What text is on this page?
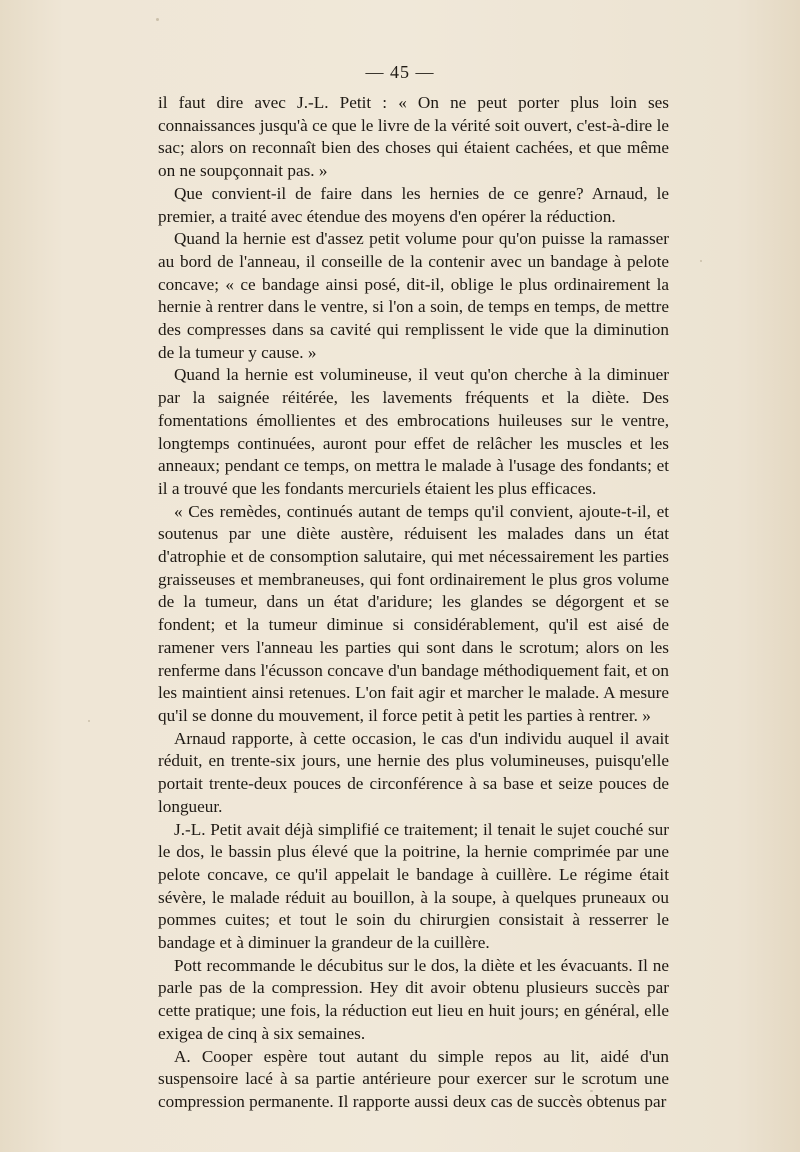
— 45 —

il faut dire avec J.-L. Petit : « On ne peut porter plus loin ses connaissances jusqu'à ce que le livre de la vérité soit ouvert, c'est-à-dire le sac; alors on reconnaît bien des choses qui étaient cachées, et que même on ne soupçonnait pas. »

Que convient-il de faire dans les hernies de ce genre? Arnaud, le premier, a traité avec étendue des moyens d'en opérer la réduction.

Quand la hernie est d'assez petit volume pour qu'on puisse la ramasser au bord de l'anneau, il conseille de la contenir avec un bandage à pelote concave; « ce bandage ainsi posé, dit-il, oblige le plus ordinairement la hernie à rentrer dans le ventre, si l'on a soin, de temps en temps, de mettre des compresses dans sa cavité qui remplissent le vide que la diminution de la tumeur y cause. »

Quand la hernie est volumineuse, il veut qu'on cherche à la diminuer par la saignée réitérée, les lavements fréquents et la diète. Des fomentations émollientes et des embrocations huileuses sur le ventre, longtemps continuées, auront pour effet de relâcher les muscles et les anneaux; pendant ce temps, on mettra le malade à l'usage des fondants; et il a trouvé que les fondants mercuriels étaient les plus efficaces.

« Ces remèdes, continués autant de temps qu'il convient, ajoute-t-il, et soutenus par une diète austère, réduisent les malades dans un état d'atrophie et de consomption salutaire, qui met nécessairement les parties graisseuses et membraneuses, qui font ordinairement le plus gros volume de la tumeur, dans un état d'aridure; les glandes se dégorgent et se fondent; et la tumeur diminue si considérablement, qu'il est aisé de ramener vers l'anneau les parties qui sont dans le scrotum; alors on les renferme dans l'écusson concave d'un bandage méthodiquement fait, et on les maintient ainsi retenues. L'on fait agir et marcher le malade. A mesure qu'il se donne du mouvement, il force petit à petit les parties à rentrer. »

Arnaud rapporte, à cette occasion, le cas d'un individu auquel il avait réduit, en trente-six jours, une hernie des plus volumineuses, puisqu'elle portait trente-deux pouces de circonférence à sa base et seize pouces de longueur.

J.-L. Petit avait déjà simplifié ce traitement; il tenait le sujet couché sur le dos, le bassin plus élevé que la poitrine, la hernie comprimée par une pelote concave, ce qu'il appelait le bandage à cuillère. Le régime était sévère, le malade réduit au bouillon, à la soupe, à quelques pruneaux ou pommes cuites; et tout le soin du chirurgien consistait à resserrer le bandage et à diminuer la grandeur de la cuillère.

Pott recommande le décubitus sur le dos, la diète et les évacuants. Il ne parle pas de la compression. Hey dit avoir obtenu plusieurs succès par cette pratique; une fois, la réduction eut lieu en huit jours; en général, elle exigea de cinq à six semaines.

A. Cooper espère tout autant du simple repos au lit, aidé d'un suspensoire lacé à sa partie antérieure pour exercer sur le scrotum une compression permanente. Il rapporte aussi deux cas de succès obtenus par
